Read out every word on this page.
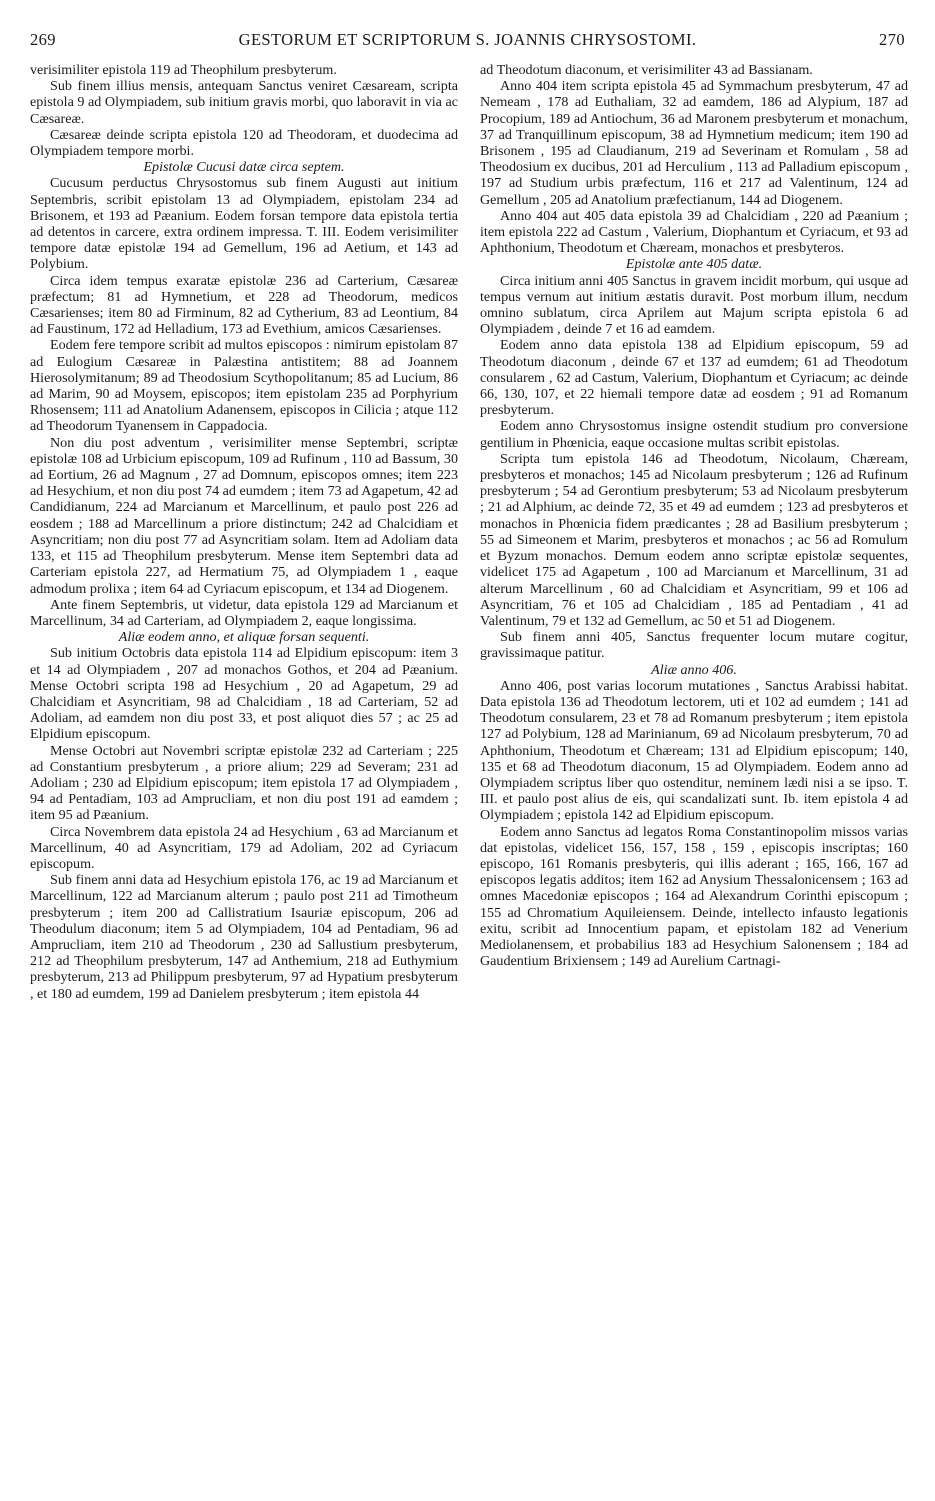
269	GESTORUM ET SCRIPTORUM S. JOANNIS CHRYSOSTOMI.	270

verisimiliter epistola 119 ad Theophilum presbyterum.

Sub finem illius mensis, antequam Sanctus veniret Cæsaream, scripta epistola 9 ad Olympiadem, sub initium gravis morbi, quo laboravit in via ac Cæsareæ.

Cæsareæ deinde scripta epistola 120 ad Theodoram, et duodecima ad Olympiadem tempore morbi.

Epistolæ Cucusi datæ circa septem.

Cucusum perductus Chrysostomus sub finem Augusti aut initium Septembris, scribit epistolam 13 ad Olympiadem, epistolam 234 ad Brisonem, et 193 ad Pæanium. Eodem forsan tempore data epistola tertia ad detentos in carcere, extra ordinem impressa. T. III. Eodem verisimiliter tempore datæ epistolæ 194 ad Gemellum, 196 ad Aetium, et 143 ad Polybium.

Circa idem tempus exaratæ epistolæ 236 ad Carterium, Cæsareæ præfectum; 81 ad Hymnetium, et 228 ad Theodorum, medicos Cæsarienses; item 80 ad Firminum, 82 ad Cytherium, 83 ad Leontium, 84 ad Faustinum, 172 ad Helladium, 173 ad Evethium, amicos Cæsarienses.

Eodem fere tempore scribit ad multos episcopos : nimirum epistolam 87 ad Eulogium Cæsareæ in Palæstina antistitem; 88 ad Joannem Hierosolymitanum; 89 ad Theodosium Scythopolitanum; 85 ad Lucium, 86 ad Marim, 90 ad Moysem, episcopos; item epistolam 235 ad Porphyrium Rhosensem; 111 ad Anatolium Adanensem, episcopos in Cilicia ; atque 112 ad Theodorum Tyanensem in Cappadocia.

Non diu post adventum , verisimiliter mense Septembri, scriptæ epistolæ 108 ad Urbicium episcopum, 109 ad Rufinum , 110 ad Bassum, 30 ad Eortium, 26 ad Magnum , 27 ad Domnum, episcopos omnes; item 223 ad Hesychium, et non diu post 74 ad eumdem ; item 73 ad Agapetum, 42 ad Candidianum, 224 ad Marcianum et Marcellinum, et paulo post 226 ad eosdem ; 188 ad Marcellinum a priore distinctum; 242 ad Chalcidiam et Asyncritiam; non diu post 77 ad Asyncritiam solam. Item ad Adoliam data 133, et 115 ad Theophilum presbyterum. Mense item Septembri data ad Carteriam epistola 227, ad Hermatium 75, ad Olympiadem 1 , eaque admodum prolixa ; item 64 ad Cyriacum episcopum, et 134 ad Diogenem.

Ante finem Septembris, ut videtur, data epistola 129 ad Marcianum et Marcellinum, 34 ad Carteriam, ad Olympiadem 2, eaque longissima.

Aliæ eodem anno, et aliquæ forsan sequenti.

Sub initium Octobris data epistola 114 ad Elpidium episcopum: item 3 et 14 ad Olympiadem , 207 ad monachos Gothos, et 204 ad Pæanium. Mense Octobri scripta 198 ad Hesychium , 20 ad Agapetum, 29 ad Chalcidiam et Asyncritiam, 98 ad Chalcidiam , 18 ad Carteriam, 52 ad Adoliam, ad eamdem non diu post 33, et post aliquot dies 57 ; ac 25 ad Elpidium episcopum.

Mense Octobri aut Novembri scriptæ epistolæ 232 ad Carteriam ; 225 ad Constantium presbyterum , a priore alium; 229 ad Severam; 231 ad Adoliam ; 230 ad Elpidium episcopum; item epistola 17 ad Olympiadem , 94 ad Pentadiam, 103 ad Amprucliam, et non diu post 191 ad eamdem ; item 95 ad Pæanium.

Circa Novembrem data epistola 24 ad Hesychium , 63 ad Marcianum et Marcellinum, 40 ad Asyncritiam, 179 ad Adoliam, 202 ad Cyriacum episcopum.

Sub finem anni data ad Hesychium epistola 176, ac 19 ad Marcianum et Marcellinum, 122 ad Marcianum alterum ; paulo post 211 ad Timotheum presbyterum ; item 200 ad Callistratium Isauriæ episcopum, 206 ad Theodulum diaconum; item 5 ad Olympiadem, 104 ad Pentadiam, 96 ad Amprucliam, item 210 ad Theodorum , 230 ad Sallustium presbyterum, 212 ad Theophilum presbyterum, 147 ad Anthemium, 218 ad Euthymium presbyterum, 213 ad Philippum presbyterum, 97 ad Hypatium presbyterum , et 180 ad eumdem, 199 ad Danielem presbyterum ; item epistola 44

ad Theodotum diaconum, et verisimiliter 43 ad Bassianam.

Anno 404 item scripta epistola 45 ad Symmachum presbyterum, 47 ad Nemeam , 178 ad Euthaliam, 32 ad eamdem, 186 ad Alypium, 187 ad Procopium, 189 ad Antiochum, 36 ad Maronem presbyterum et monachum, 37 ad Tranquillinum episcopum, 38 ad Hymnetium medicum; item 190 ad Brisonem , 195 ad Claudianum, 219 ad Severinam et Romulam , 58 ad Theodosium ex ducibus, 201 ad Herculium , 113 ad Palladium episcopum , 197 ad Studium urbis præfectum, 116 et 217 ad Valentinum, 124 ad Gemellum , 205 ad Anatolium præfectianum, 144 ad Diogenem.

Anno 404 aut 405 data epistola 39 ad Chalcidiam , 220 ad Pæanium ; item epistola 222 ad Castum , Valerium, Diophantum et Cyriacum, et 93 ad Aphthonium, Theodotum et Chæream, monachos et presbyteros.

Epistolæ ante 405 datæ.

Circa initium anni 405 Sanctus in gravem incidit morbum, qui usque ad tempus vernum aut initium æstatis duravit. Post morbum illum, necdum omnino sublatum, circa Aprilem aut Majum scripta epistola 6 ad Olympiadem , deinde 7 et 16 ad eamdem.

Eodem anno data epistola 138 ad Elpidium episcopum, 59 ad Theodotum diaconum , deinde 67 et 137 ad eumdem; 61 ad Theodotum consularem , 62 ad Castum, Valerium, Diophantum et Cyriacum; ac deinde 66, 130, 107, et 22 hiemali tempore datæ ad eosdem ; 91 ad Romanum presbyterum.

Eodem anno Chrysostomus insigne ostendit studium pro conversione gentilium in Phœnicia, eaque occasione multas scribit epistolas.

Scripta tum epistola 146 ad Theodotum, Nicolaum, Chæream, presbyteros et monachos; 145 ad Nicolaum presbyterum ; 126 ad Rufinum presbyterum ; 54 ad Gerontium presbyterum; 53 ad Nicolaum presbyterum ; 21 ad Alphium, ac deinde 72, 35 et 49 ad eumdem ; 123 ad presbyteros et monachos in Phœnicia fidem prædicantes ; 28 ad Basilium presbyterum ; 55 ad Simeonem et Marim, presbyteros et monachos ; ac 56 ad Romulum et Byzum monachos. Demum eodem anno scriptæ epistolæ sequentes, videlicet 175 ad Agapetum , 100 ad Marcianum et Marcellinum, 31 ad alterum Marcellinum , 60 ad Chalcidiam et Asyncritiam, 99 et 106 ad Asyncritiam, 76 et 105 ad Chalcidiam , 185 ad Pentadiam , 41 ad Valentinum, 79 et 132 ad Gemellum, ac 50 et 51 ad Diogenem.

Sub finem anni 405, Sanctus frequenter locum mutare cogitur, gravissimaque patitur.

Aliæ anno 406.

Anno 406, post varias locorum mutationes , Sanctus Arabissi habitat. Data epistola 136 ad Theodotum lectorem, uti et 102 ad eumdem ; 141 ad Theodotum consularem, 23 et 78 ad Romanum presbyterum ; item epistola 127 ad Polybium, 128 ad Marinianum, 69 ad Nicolaum presbyterum, 70 ad Aphthonium, Theodotum et Chæream; 131 ad Elpidium episcopum; 140, 135 et 68 ad Theodotum diaconum, 15 ad Olympiadem. Eodem anno ad Olympiadem scriptus liber quo ostenditur, neminem lædi nisi a se ipso. T. III. et paulo post alius de eis, qui scandalizati sunt. Ib. item epistola 4 ad Olympiadem ; epistola 142 ad Elpidium episcopum.

Eodem anno Sanctus ad legatos Roma Constantinopolim missos varias dat epistolas, videlicet 156, 157, 158 , 159 , episcopis inscriptas; 160 episcopo, 161 Romanis presbyteris, qui illis aderant ; 165, 166, 167 ad episcopos legatis additos; item 162 ad Anysium Thessalonicensem ; 163 ad omnes Macedoniæ episcopos ; 164 ad Alexandrum Corinthi episcopum ; 155 ad Chromatium Aquileiensem. Deinde, intellecto infausto legationis exitu, scribit ad Innocentium papam, et epistolam 182 ad Venerium Mediolanensem, et probabilius 183 ad Hesychium Salonensem ; 184 ad Gaudentium Brixiensem ; 149 ad Aurelium Cartnagi-
